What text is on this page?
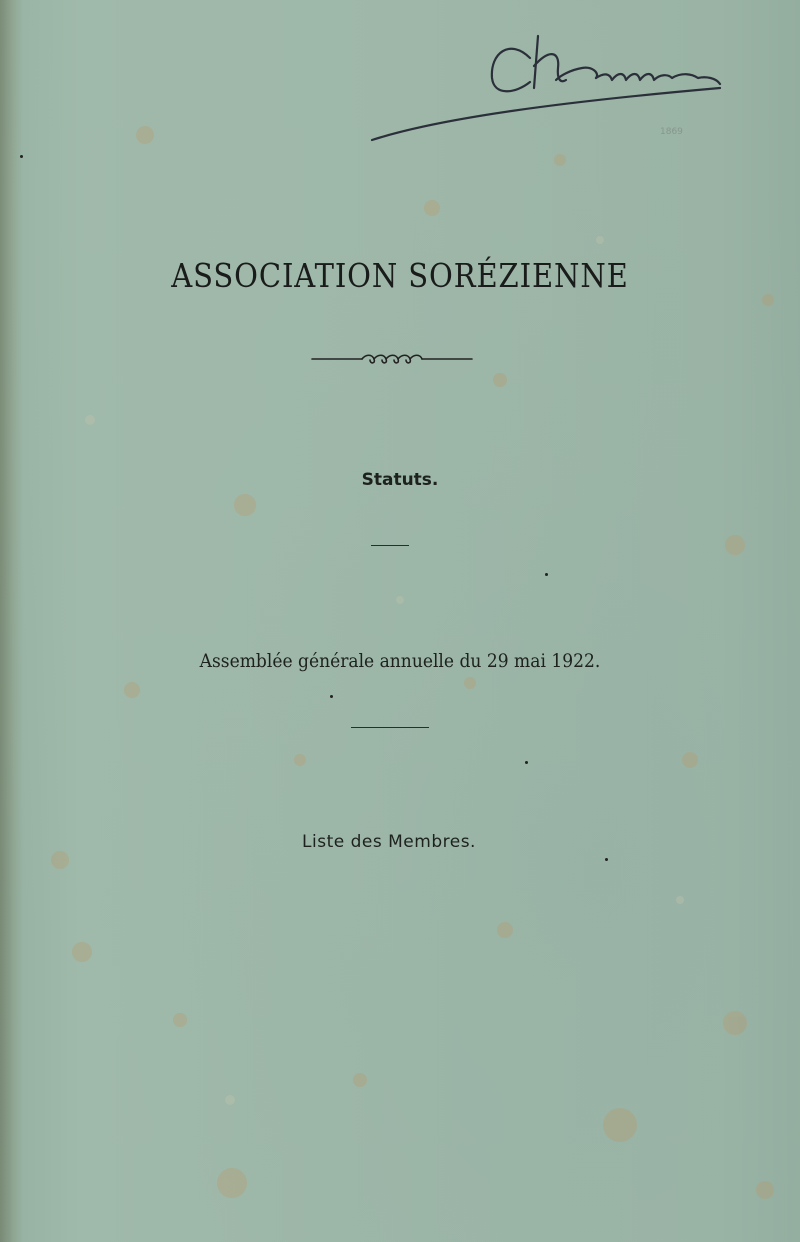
1869
ASSOCIATION SORÉZIENNE
Statuts.
Assemblée générale annuelle du 29 mai 1922.
Liste des Membres.
